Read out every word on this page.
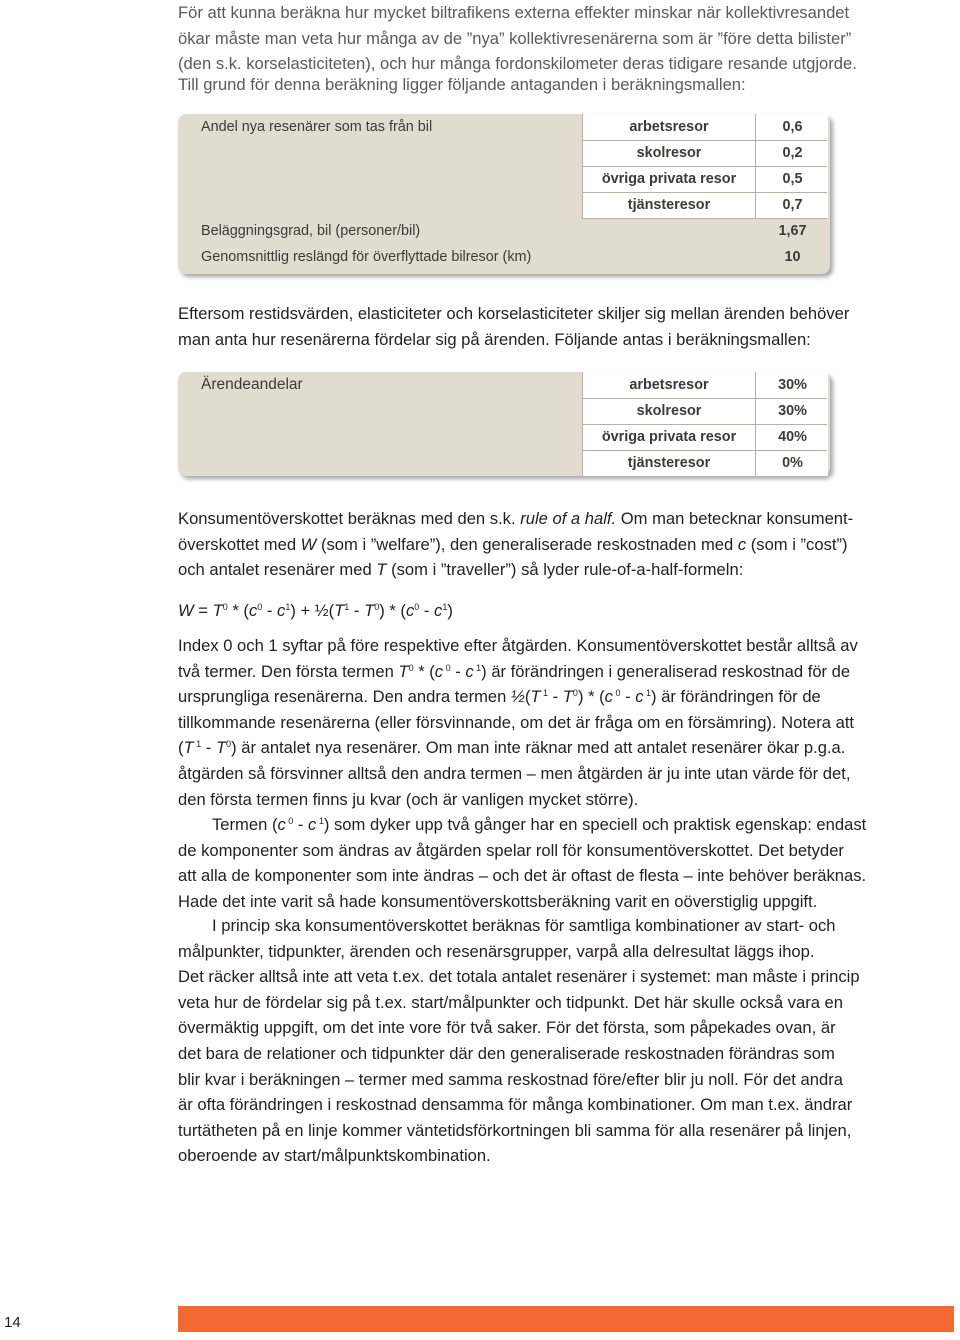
För att kunna beräkna hur mycket biltrafikens externa effekter minskar när kollektivresandet
ökar måste man veta hur många av de ”nya” kollektivresenärerna som är ”före detta bilister”
(den s.k. korselasticiteten), och hur många fordonskilometer deras tidigare resande utgjorde.
Till grund för denna beräkning ligger följande antaganden i beräkningsmallen:
Andel nya resenärer som tas från bil	arbetsresor	0,6
skolresor	0,2
övriga privata resor	0,5
tjänsteresor	0,7
Beläggningsgrad, bil (personer/bil)	1,67
Genomsnittlig reslängd för överflyttade bilresor (km)	10
Eftersom restidsvärden, elasticiteter och korselasticiteter skiljer sig mellan ärenden behöver
man anta hur resenärerna fördelar sig på ärenden. Följande antas i beräkningsmallen:
Ärendeandelar	arbetsresor	30%
skolresor	30%
övriga privata resor	40%
tjänsteresor	0%
Konsumentöverskottet beräknas med den s.k. rule of a half. Om man betecknar konsument-
överskottet med W (som i ”welfare”), den generaliserade reskostnaden med c (som i ”cost”)
och antalet resenärer med T (som i ”traveller”) så lyder rule-of-a-half-formeln:
$W = T^0 * (c^0 - c^1)$ + $\frac{1}{2}(T^1 - T^0) * (c^0 - c^1)$
Index 0 och 1 syftar på före respektive efter åtgärden. Konsumentöverskottet består alltså av
två termer. Den första termen $T^0 * (c$ $^0$ - c $^1$) är förändringen i generaliserad reskostnad för de
ursprungliga resenärerna. Den andra termen ½(T $^1 - T^0) * (c$ $^0$ - c $^1$) är förändringen för de
tillkommande resenärerna (eller försvinnande, om det är fråga om en försämring). Notera att
(T $^1 - T^0$) är antalet nya resenärer. Om man inte räknar med att antalet resenärer ökar p.g.a.
åtgärden så försvinner alltså den andra termen – men åtgärden är ju inte utan värde för det,
den första termen finns ju kvar (och är vanligen mycket större).
Termen (c $^0$ - c $^1$) som dyker upp två gånger har en speciell och praktisk egenskap: endast
de komponenter som ändras av åtgärden spelar roll för konsumentöverskottet. Det betyder
att alla de komponenter som inte ändras – och det är oftast de flesta – inte behöver beräknas.
Hade det inte varit så hade konsumentöverskottsberäkning varit en oöverstiglig uppgift.
I princip ska konsumentöverskottet beräknas för samtliga kombinationer av start- och
målpunkter, tidpunkter, ärenden och resenärsgrupper, varpå alla delresultat läggs ihop.
Det räcker alltså inte att veta t.ex. det totala antalet resenärer i systemet: man måste i princip
veta hur de fördelar sig på t.ex. start/målpunkter och tidpunkt. Det här skulle också vara en
övermäktig uppgift, om det inte vore för två saker. För det första, som påpekades ovan, är
det bara de relationer och tidpunkter där den generaliserade reskostnaden förändras som
blir kvar i beräkningen – termer med samma reskostnad före/efter blir ju noll. För det andra
är ofta förändringen i reskostnad densamma för många kombinationer. Om man t.ex. ändrar
turtätheten på en linje kommer väntetidsförkortningen bli samma för alla resenärer på linjen,
oberoende av start/målpunktskombination.
14
